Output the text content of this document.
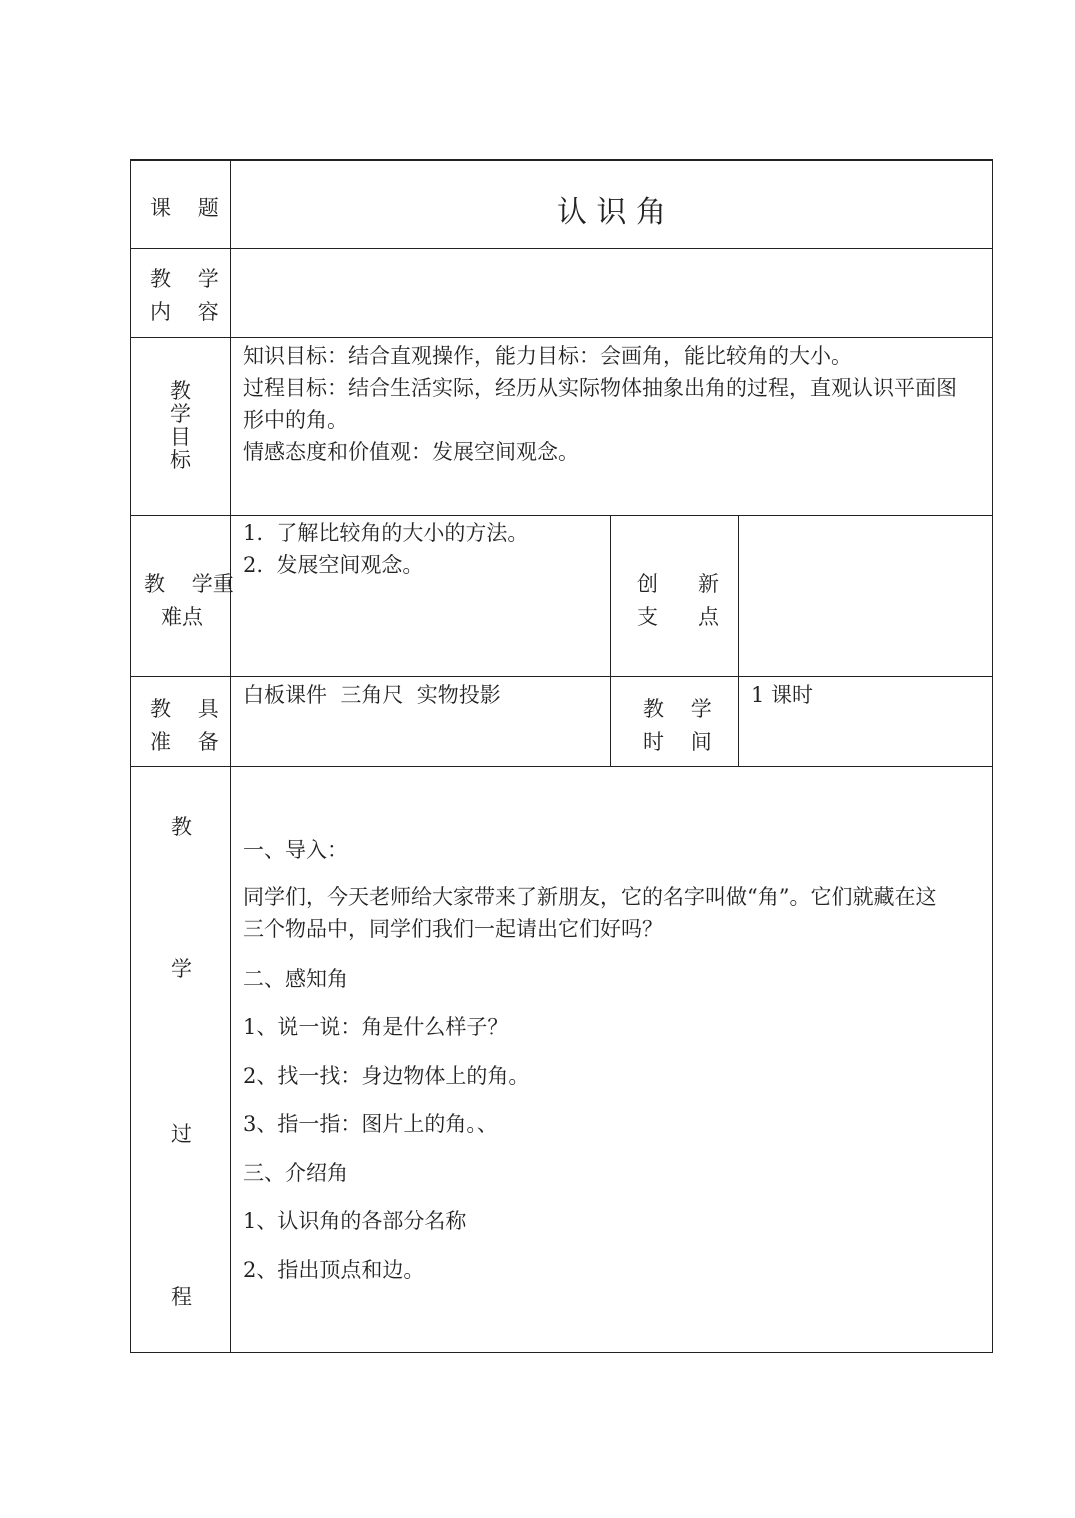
课    题	认 识 角
教    学
内    容
教
学
目
标
知识目标：结合直观操作，能力目标：会画角，能比较角的大小。
过程目标：结合生活实际，经历从实际物体抽象出角的过程，直观认识平面图
形中的角。
情感态度和价值观：发展空间观念。
教    学重
难点
1.  了解比较角的大小的方法。
2.  发展空间观念。
创      新
支      点
教    具
准    备
白板课件  三角尺  实物投影
教    学
时    间
1 课时
教
学
过
程
一、导入：
同学们，今天老师给大家带来了新朋友，它的名字叫做“角”。它们就藏在这
三个物品中，同学们我们一起请出它们好吗？
二、感知角
1、说一说：角是什么样子？
2、找一找：身边物体上的角。
3、指一指：图片上的角。、
三、介绍角
1、认识角的各部分名称
2、指出顶点和边。
